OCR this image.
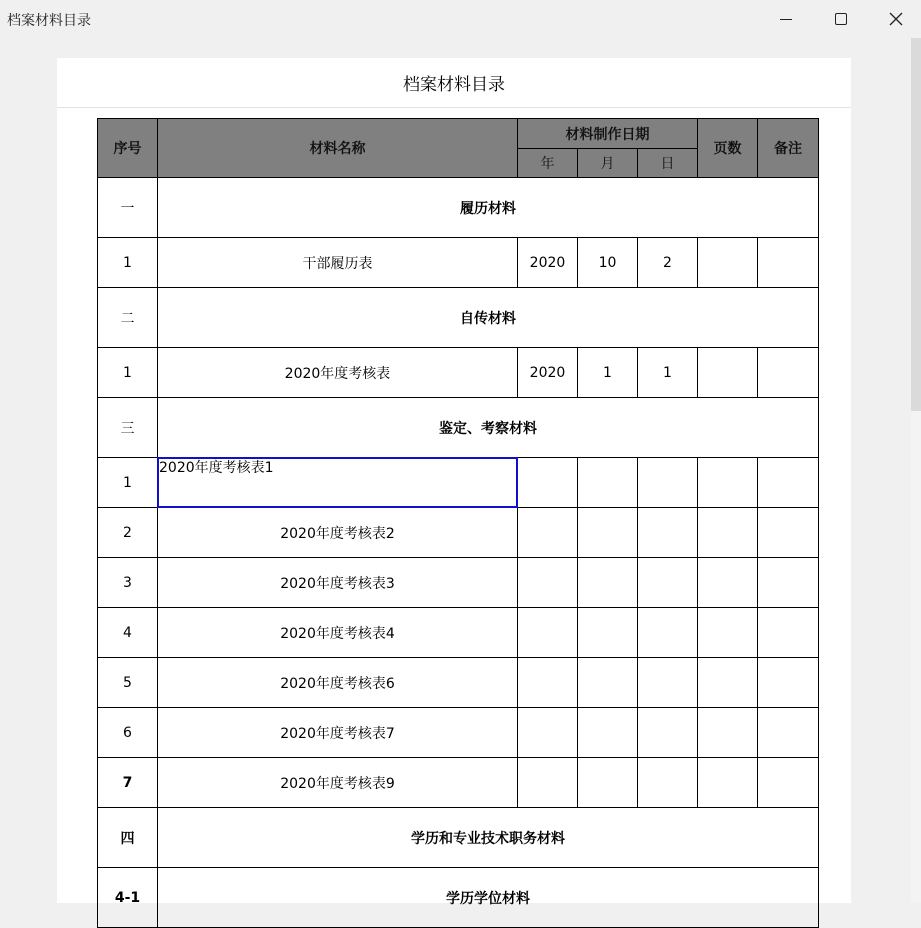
档案材料目录
档案材料目录
序号	材料名称	材料制作日期			页数	备注
		年	月	日		
一	履历材料					
1	干部履历表	2020	10	2		
二	自传材料					
1	2020年度考核表	2020	1	1		
三	鉴定、考察材料					
1	2020年度考核表1					

2	2020年度考核表2					
3	2020年度考核表3					
4	2020年度考核表4					
5	2020年度考核表6					
6	2020年度考核表7					
7	2020年度考核表9					
四	学历和专业技术职务材料					
4-1	学历学位材料					
